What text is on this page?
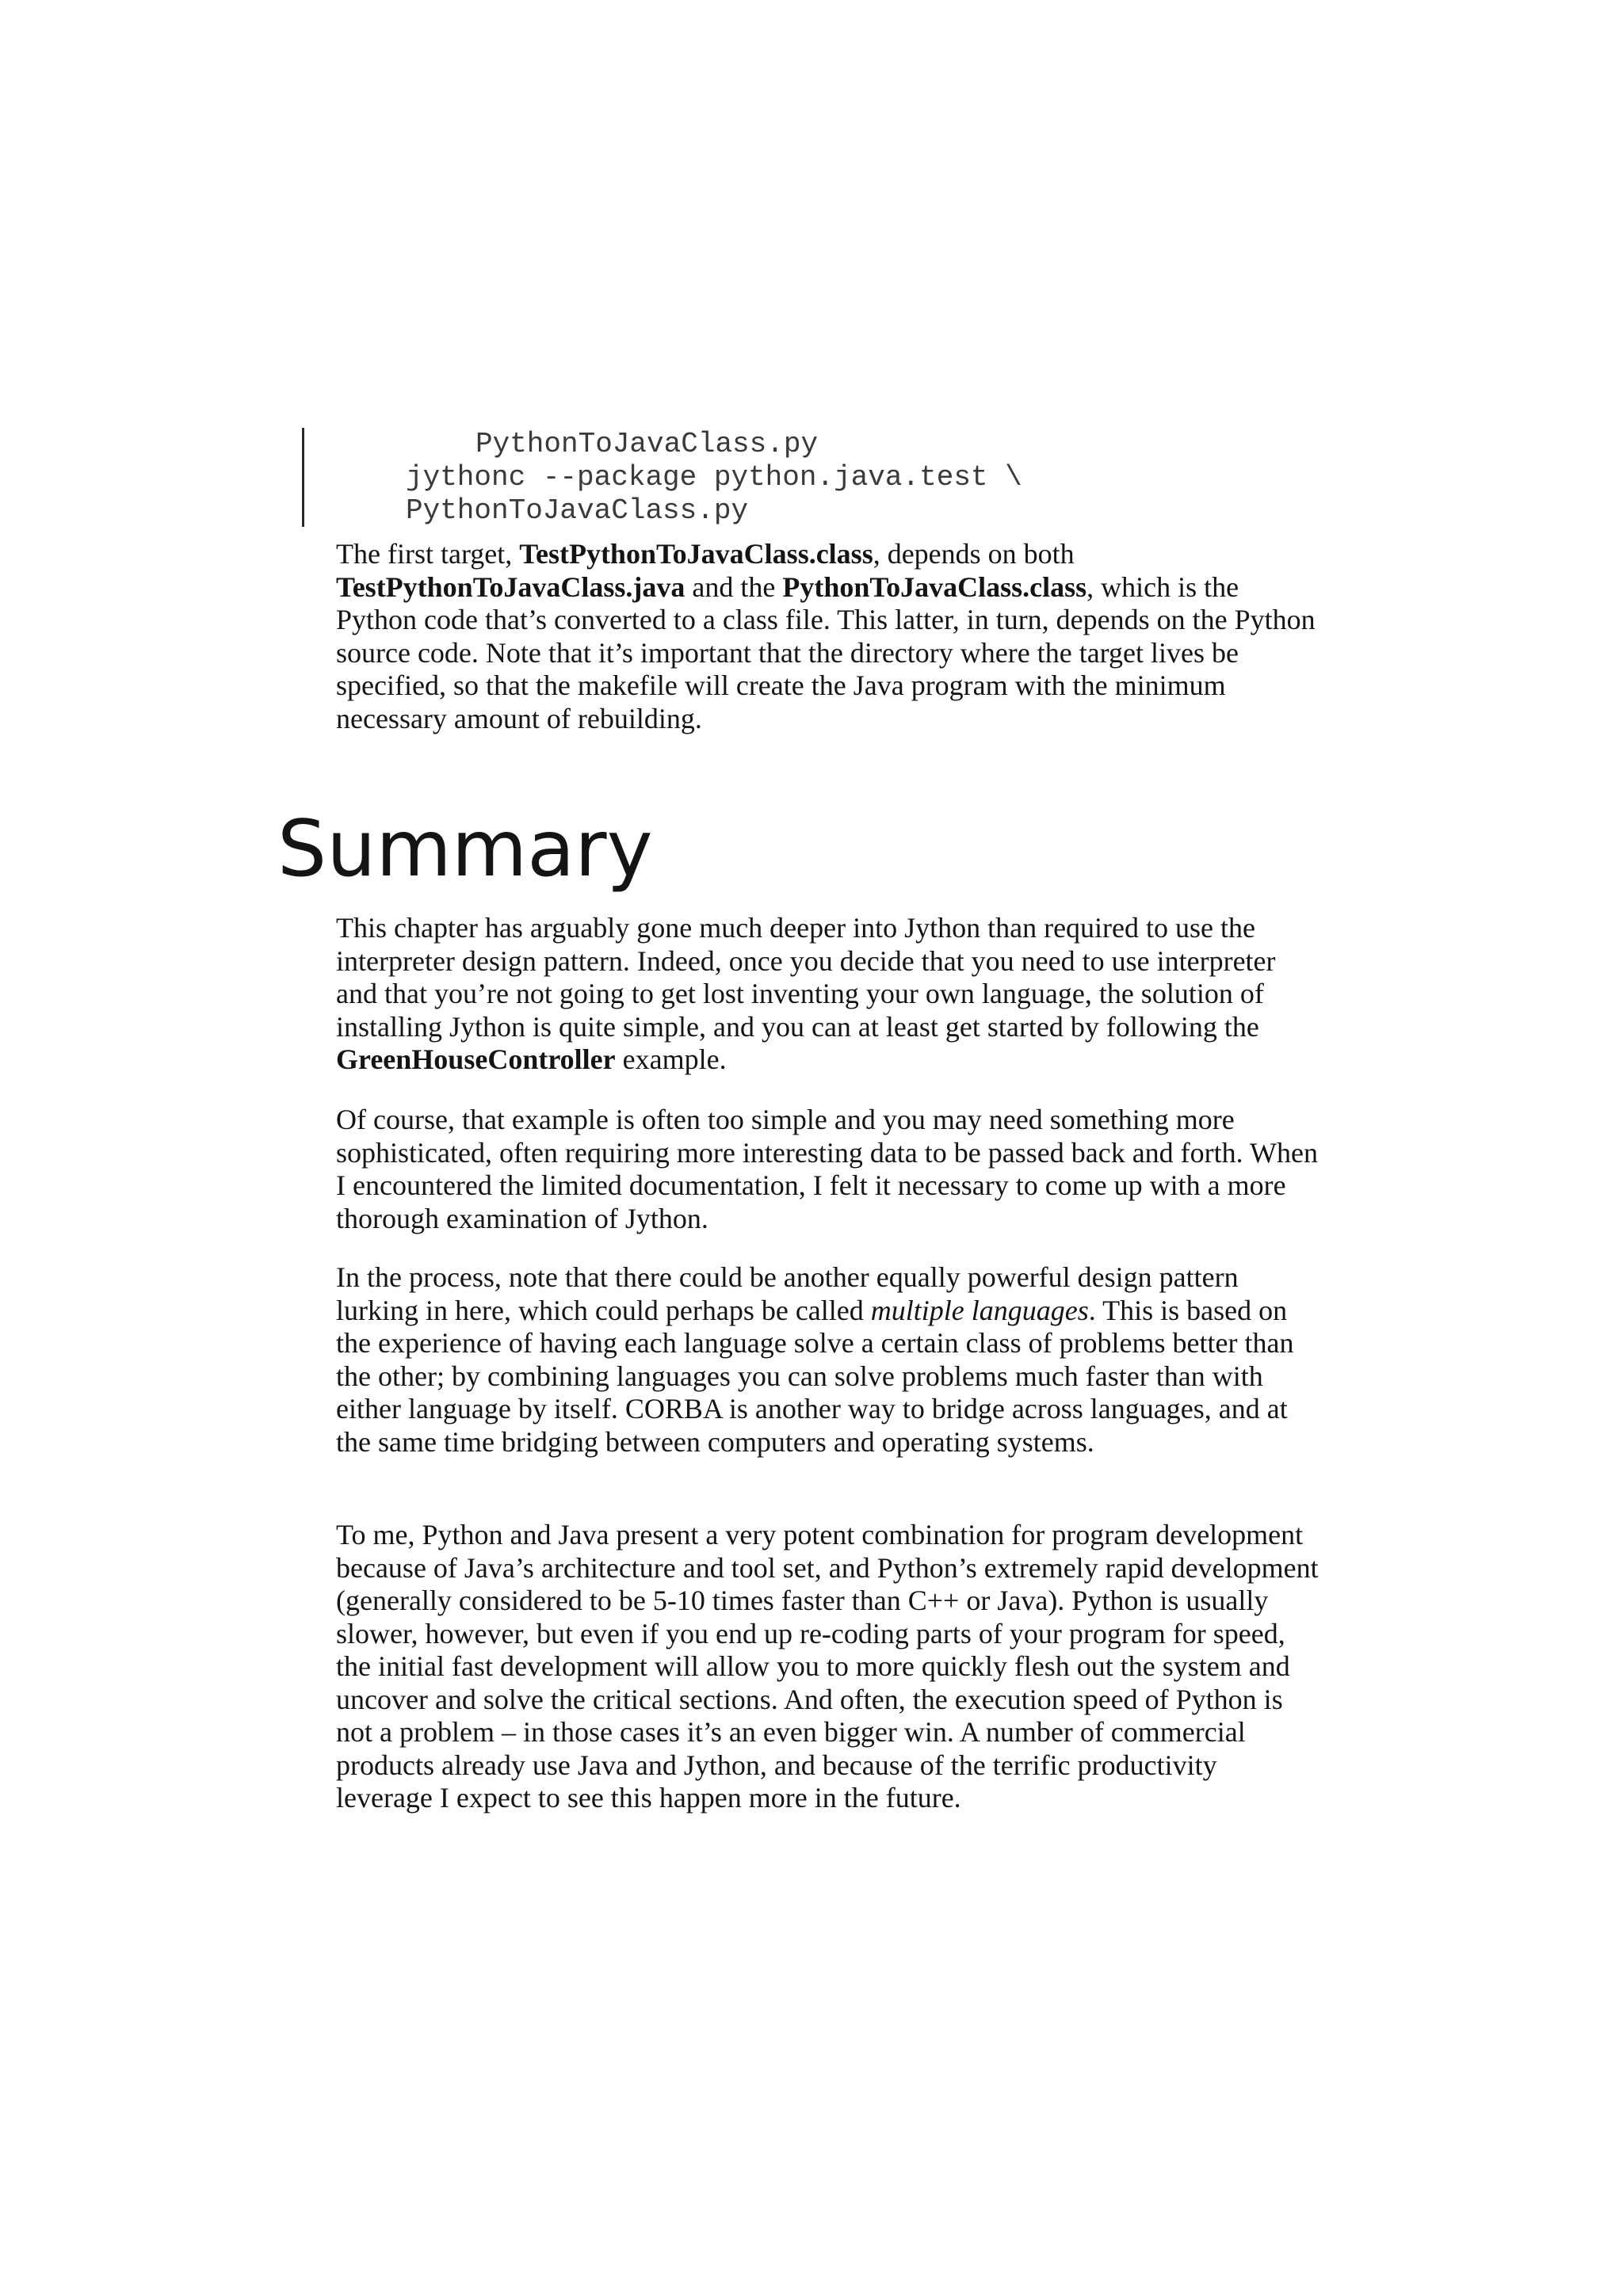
PythonToJavaClass.py
jythonc --package python.java.test \
PythonToJavaClass.py

The first target, TestPythonToJavaClass.class, depends on both TestPythonToJavaClass.java and the PythonToJavaClass.class, which is the Python code that’s converted to a class file. This latter, in turn, depends on the Python source code. Note that it’s important that the directory where the target lives be specified, so that the makefile will create the Java program with the minimum necessary amount of rebuilding.

Summary

This chapter has arguably gone much deeper into Jython than required to use the interpreter design pattern. Indeed, once you decide that you need to use interpreter and that you’re not going to get lost inventing your own language, the solution of installing Jython is quite simple, and you can at least get started by following the GreenHouseController example.

Of course, that example is often too simple and you may need something more sophisticated, often requiring more interesting data to be passed back and forth. When I encountered the limited documentation, I felt it necessary to come up with a more thorough examination of Jython.

In the process, note that there could be another equally powerful design pattern lurking in here, which could perhaps be called multiple languages. This is based on the experience of having each language solve a certain class of problems better than the other; by combining languages you can solve problems much faster than with either language by itself. CORBA is another way to bridge across languages, and at the same time bridging between computers and operating systems.

To me, Python and Java present a very potent combination for program development because of Java’s architecture and tool set, and Python’s extremely rapid development (generally considered to be 5-10 times faster than C++ or Java). Python is usually slower, however, but even if you end up re-coding parts of your program for speed, the initial fast development will allow you to more quickly flesh out the system and uncover and solve the critical sections. And often, the execution speed of Python is not a problem – in those cases it’s an even bigger win. A number of commercial products already use Java and Jython, and because of the terrific productivity leverage I expect to see this happen more in the future.
